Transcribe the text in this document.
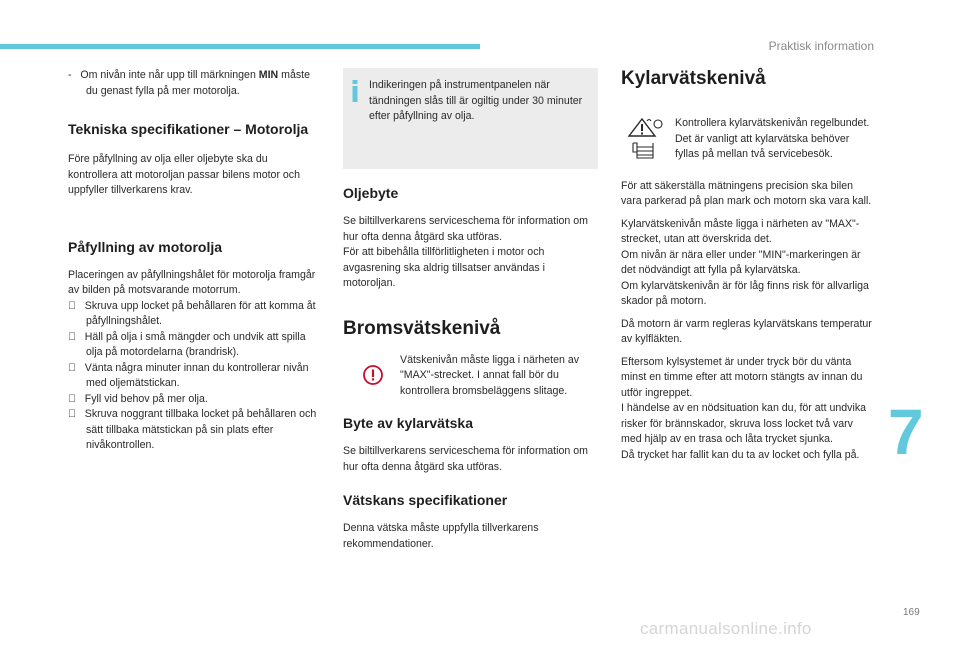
Praktisk information

-   Om nivån inte når upp till märkningen MIN måste du genast fylla på mer motorolja.

Tekniska specifikationer – Motorolja

Före påfyllning av olja eller oljebyte ska du kontrollera att motoroljan passar bilens motor och uppfyller tillverkarens krav.

Påfyllning av motorolja

Placeringen av påfyllningshålet för motorolja framgår av bilden på motsvarande motorrum.

Skruva upp locket på behållaren för att komma åt påfyllningshålet.

Häll på olja i små mängder och undvik att spilla olja på motordelarna (brandrisk).

Vänta några minuter innan du kontrollerar nivån med oljemätstickan.

Fyll vid behov på mer olja.

Skruva noggrant tillbaka locket på behållaren och sätt tillbaka mätstickan på sin plats efter nivåkontrollen.

Indikeringen på instrumentpanelen när tändningen slås till är ogiltig under 30 minuter efter påfyllning av olja.

Oljebyte

Se biltillverkarens serviceschema för information om hur ofta denna åtgärd ska utföras.

För att bibehålla tillförlitligheten i motor och avgasrening ska aldrig tillsatser användas i motoroljan.

Bromsvätskenivå

Vätskenivån måste ligga i närheten av "MAX"-strecket. I annat fall bör du kontrollera bromsbeläggens slitage.

Byte av kylarvätska

Se biltillverkarens serviceschema för information om hur ofta denna åtgärd ska utföras.

Vätskans specifikationer

Denna vätska måste uppfylla tillverkarens rekommendationer.

Kylarvätskenivå

Kontrollera kylarvätskenivån regelbundet.

Det är vanligt att kylarvätska behöver fyllas på mellan två servicebesök.

För att säkerställa mätningens precision ska bilen vara parkerad på plan mark och motorn ska vara kall.

Kylarvätskenivån måste ligga i närheten av "MAX"-strecket, utan att överskrida det.

Om nivån är nära eller under "MIN"-markeringen är det nödvändigt att fylla på kylarvätska.

Om kylarvätskenivån är för låg finns risk för allvarliga skador på motorn.

Då motorn är varm regleras kylarvätskans temperatur av kylfläkten.

Eftersom kylsystemet är under tryck bör du vänta minst en timme efter att motorn stängts av innan du utför ingreppet.

I händelse av en nödsituation kan du, för att undvika risker för brännskador, skruva loss locket två varv med hjälp av en trasa och låta trycket sjunka.

Då trycket har fallit kan du ta av locket och fylla på. 7
169
carmanualsonline.info
